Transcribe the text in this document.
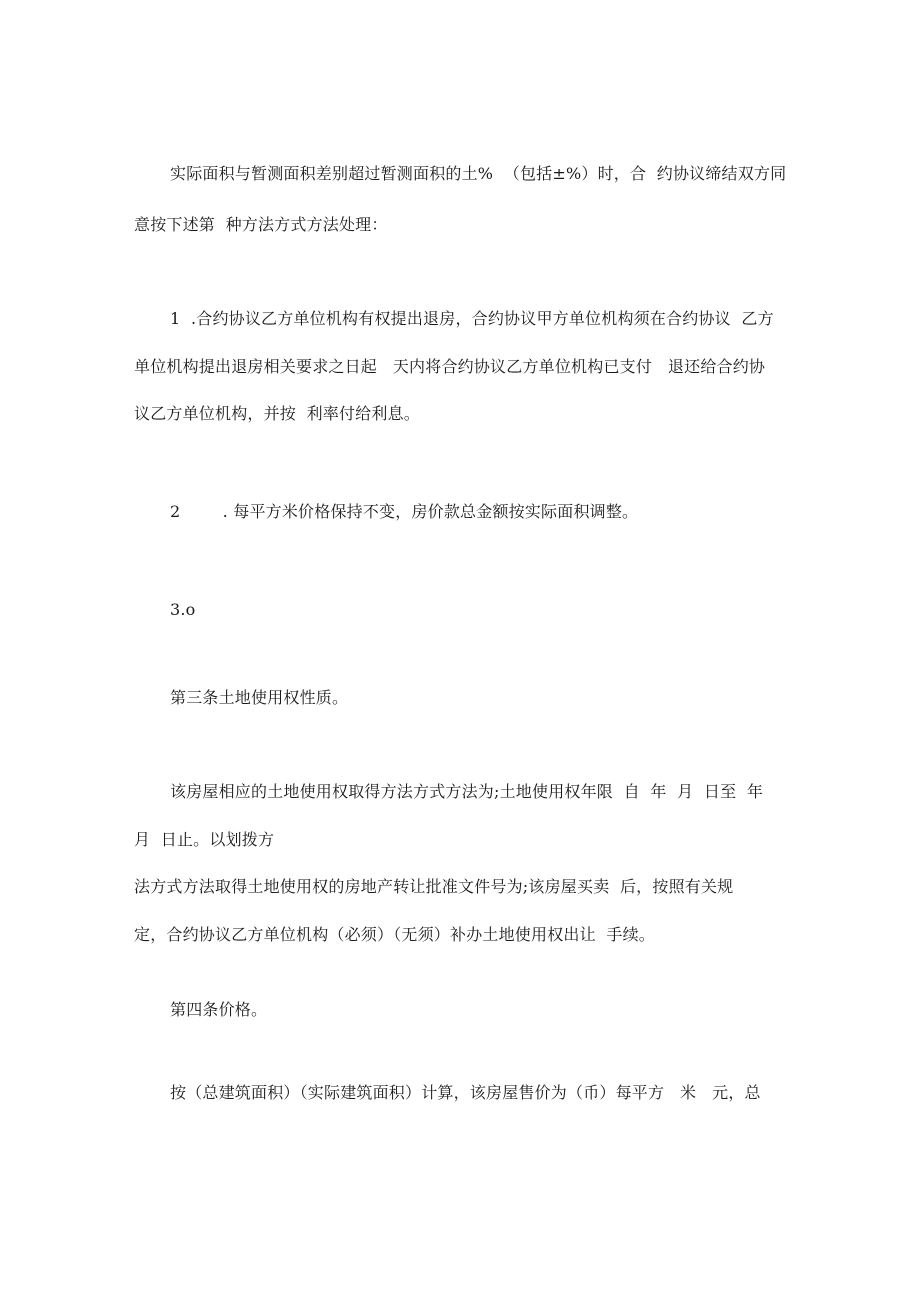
实际面积与暂测面积差别超过暂测面积的土%  （包括±%）时，合  约协议缔结双方同
意按下述第  种方法方式方法处理：
1  .合约协议乙方单位机构有权提出退房，合约协议甲方单位机构须在合约协议  乙方
单位机构提出退房相关要求之日起   天内将合约协议乙方单位机构已支付   退还给合约协
议乙方单位机构，并按  利率付给利息。
2        . 每平方米价格保持不变，房价款总金额按实际面积调整。
3.o
第三条土地使用权性质。
该房屋相应的土地使用权取得方法方式方法为;土地使用权年限  自  年  月  日至  年
月  日止。以划拨方
法方式方法取得土地使用权的房地产转让批准文件号为;该房屋买卖  后，按照有关规
定，合约协议乙方单位机构（必须）（无须）补办土地使用权出让  手续。
第四条价格。
按（总建筑面积）（实际建筑面积）计算，该房屋售价为（币）每平方   米   元，总
